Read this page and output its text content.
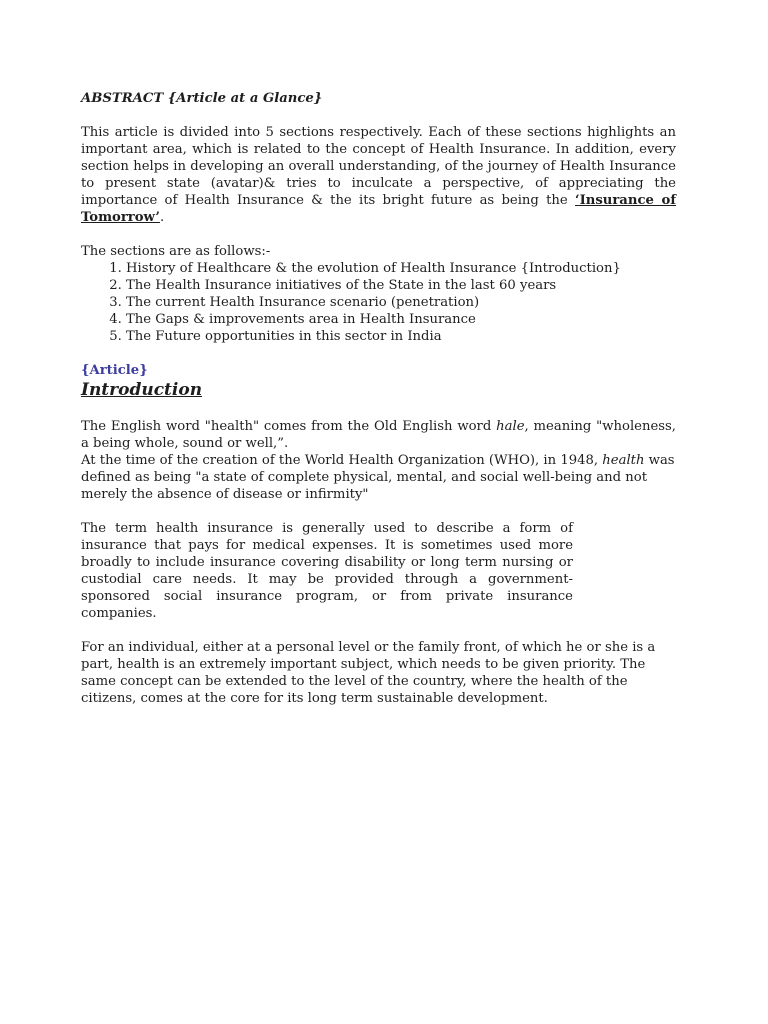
ABSTRACT {Article at a Glance}

This article is divided into 5 sections respectively. Each of these sections highlights an important area, which is related to the concept of Health Insurance. In addition, every section helps in developing an overall understanding, of the journey of Health Insurance to present state (avatar)& tries to inculcate a perspective, of appreciating the importance of Health Insurance & the its bright future as being the ‘Insurance of Tomorrow’.

The sections are as follows:-

1. History of Healthcare & the evolution of Health Insurance {Introduction}
2. The Health Insurance initiatives of the State in the last 60 years
3. The current Health Insurance scenario (penetration)
4. The Gaps & improvements area in Health Insurance
5. The Future opportunities in this sector in India
{Article}
Introduction

The English word "health" comes from the Old English word hale, meaning "wholeness, a being whole, sound or well,”.

At the time of the creation of the World Health Organization (WHO), in 1948, health was defined as being "a state of complete physical, mental, and social well-being and not merely the absence of disease or infirmity"

The term health insurance is generally used to describe a form of insurance that pays for medical expenses. It is sometimes used more broadly to include insurance covering disability or long term nursing or custodial care needs. It may be provided through a government-sponsored social insurance program, or from private insurance companies.

For an individual, either at a personal level or the family front, of which he or she is a part, health is an extremely important subject, which needs to be given priority. The same concept can be extended to the level of the country, where the health of the citizens, comes at the core for its long term sustainable development.
